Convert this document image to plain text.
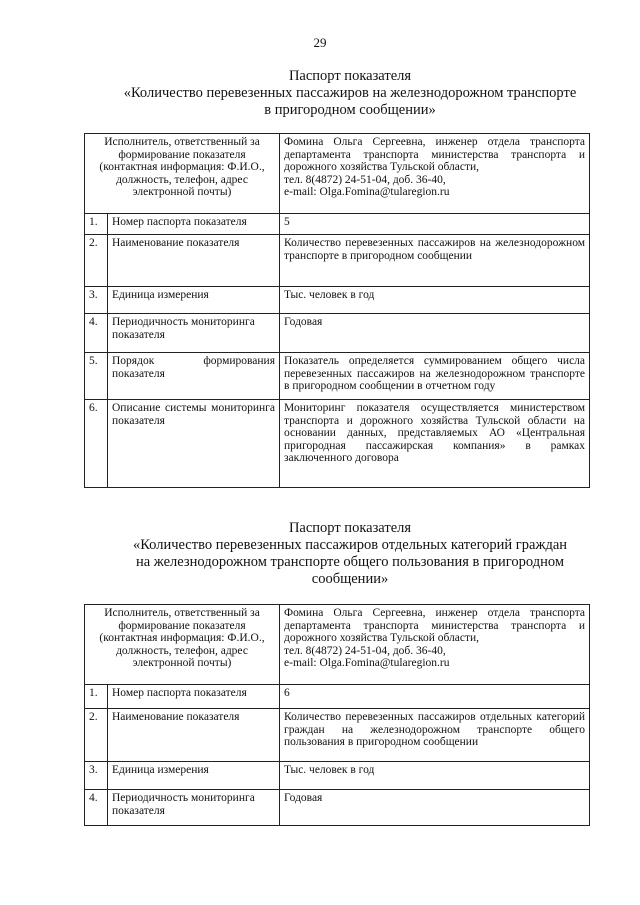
29
Паспорт показателя
«Количество перевезенных пассажиров на железнодорожном транспорте
в пригородном сообщении»
Исполнитель, ответственный за формирование показателя (контактная информация: Ф.И.О., должность, телефон, адрес электронной почты)		Фомина Ольга Сергеевна, инженер отдела транспорта департамента транспорта министерства транспорта и дорожного хозяйства Тульской области,
тел. 8(4872) 24-51-04, доб. 36-40,
e-mail: Olga.Fomina@tularegion.ru

1.	Номер паспорта показателя	5
2.	Наименование показателя	Количество перевезенных пассажиров на железнодорожном транспорте в пригородном сообщении
3.	Единица измерения	Тыс. человек в год
4.	Периодичность мониторинга показателя	Годовая
5.	Порядок формирования показателя	Показатель определяется суммированием общего числа перевезенных пассажиров на железнодорожном транспорте в пригородном сообщении в отчетном году
6.	Описание системы мониторинга показателя	Мониторинг показателя осуществляется министерством транспорта и дорожного хозяйства Тульской области на основании данных, представляемых АО «Центральная пригородная пассажирская компания» в рамках заключенного договора
Паспорт показателя
«Количество перевезенных пассажиров отдельных категорий граждан
на железнодорожном транспорте общего пользования в пригородном
сообщении»
Исполнитель, ответственный за формирование показателя (контактная информация: Ф.И.О., должность, телефон, адрес электронной почты)		Фомина Ольга Сергеевна, инженер отдела транспорта департамента транспорта министерства транспорта и дорожного хозяйства Тульской области,
тел. 8(4872) 24-51-04, доб. 36-40,
e-mail: Olga.Fomina@tularegion.ru

1.	Номер паспорта показателя	6
2.	Наименование показателя	Количество перевезенных пассажиров отдельных категорий граждан на железнодорожном транспорте общего пользования в пригородном сообщении
3.	Единица измерения	Тыс. человек в год
4.	Периодичность мониторинга показателя	Годовая
